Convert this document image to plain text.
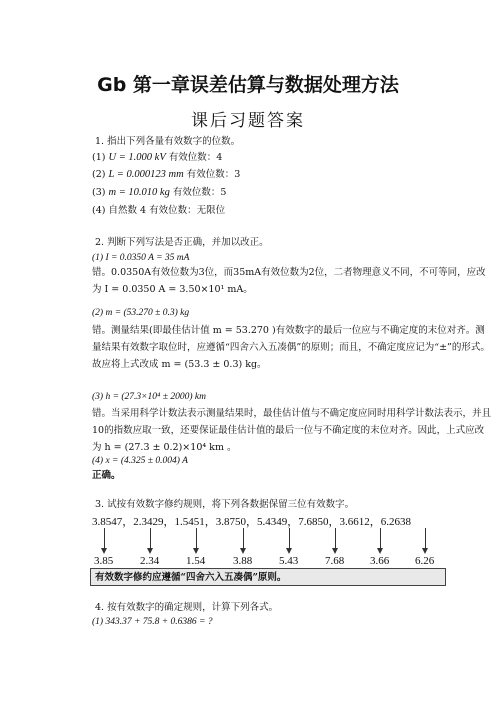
Gb 第一章误差估算与数据处理方法
课后习题答案
1. 指出下列各量有效数字的位数。
(1) U = 1.000 kV 有效位数：4
(2) L = 0.000123 mm 有效位数：3
(3) m = 10.010 kg 有效位数：5
(4) 自然数 4 有效位数：无限位
2. 判断下列写法是否正确，并加以改正。
(1) I = 0.0350 A = 35 mA
错。0.0350A有效位数为3位，而35mA有效位数为2位，二者物理意义不同，不可等同，应改为 I = 0.0350 A = 3.50×10¹ mA。
(2) m = (53.270 ± 0.3) kg
错。测量结果(即最佳估计值 m = 53.270 )有效数字的最后一位应与不确定度的末位对齐。测量结果有效数字取位时，应遵循“四舍六入五凑偶”的原则；而且，不确定度应记为“±”的形式。故应将上式改成 m = (53.3 ± 0.3) kg。
(3) h = (27.3×10⁴ ± 2000) km
错。当采用科学计数法表示测量结果时，最佳估计值与不确定度应同时用科学计数法表示，并且10的指数应取一致，还要保证最佳估计值的最后一位与不确定度的末位对齐。因此，上式应改为 h = (27.3 ± 0.2)×10⁴ km 。
(4) x = (4.325 ± 0.004) A
正确。
3. 试按有效数字修约规则，将下列各数据保留三位有效数字。
3.8547，2.3429，1.5451，3.8750，5.4349，7.6850，3.6612，6.2638
3.85 2.34 1.54	3.88 5.43 7.68 3.66 6.26
有效数字修约应遵循“四舍六入五凑偶”原则。
4. 按有效数字的确定规则，计算下列各式。
(1) 343.37 + 75.8 + 0.6386 = ?
